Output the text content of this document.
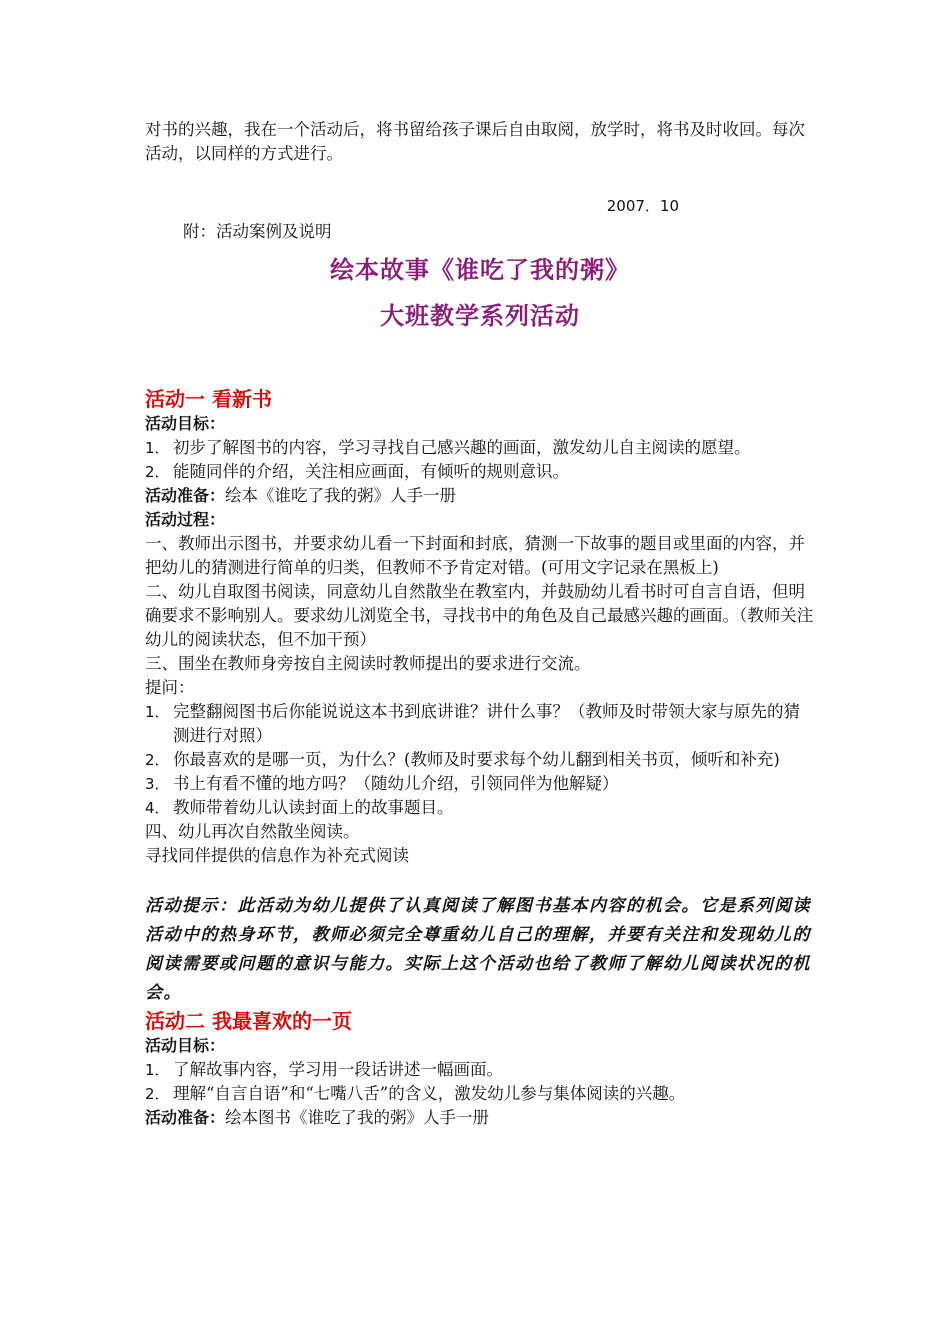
对书的兴趣，我在一个活动后，将书留给孩子课后自由取阅，放学时，将书及时收回。每次活动，以同样的方式进行。

2007．10

附：活动案例及说明

绘本故事《谁吃了我的粥》

大班教学系列活动

活动一 看新书

活动目标：

1． 初步了解图书的内容，学习寻找自己感兴趣的画面，激发幼儿自主阅读的愿望。

2． 能随同伴的介绍，关注相应画面，有倾听的规则意识。

活动准备：绘本《谁吃了我的粥》人手一册

活动过程：

一、教师出示图书，并要求幼儿看一下封面和封底，猜测一下故事的题目或里面的内容，并把幼儿的猜测进行简单的归类，但教师不予肯定对错。(可用文字记录在黑板上)

二、幼儿自取图书阅读，同意幼儿自然散坐在教室内，并鼓励幼儿看书时可自言自语，但明确要求不影响别人。要求幼儿浏览全书，寻找书中的角色及自己最感兴趣的画面。（教师关注幼儿的阅读状态，但不加干预）

三、围坐在教师身旁按自主阅读时教师提出的要求进行交流。

提问：

1． 完整翻阅图书后你能说说这本书到底讲谁？讲什么事？（教师及时带领大家与原先的猜测进行对照）

2． 你最喜欢的是哪一页，为什么？(教师及时要求每个幼儿翻到相关书页，倾听和补充)

3． 书上有看不懂的地方吗？（随幼儿介绍，引领同伴为他解疑）

4． 教师带着幼儿认读封面上的故事题目。

四、幼儿再次自然散坐阅读。

寻找同伴提供的信息作为补充式阅读

活动提示：此活动为幼儿提供了认真阅读了解图书基本内容的机会。它是系列阅读活动中的热身环节，教师必须完全尊重幼儿自己的理解，并要有关注和发现幼儿的阅读需要或问题的意识与能力。实际上这个活动也给了教师了解幼儿阅读状况的机会。

活动二 我最喜欢的一页

活动目标：

1． 了解故事内容，学习用一段话讲述一幅画面。

2． 理解“自言自语”和“七嘴八舌”的含义，激发幼儿参与集体阅读的兴趣。

活动准备：绘本图书《谁吃了我的粥》人手一册
